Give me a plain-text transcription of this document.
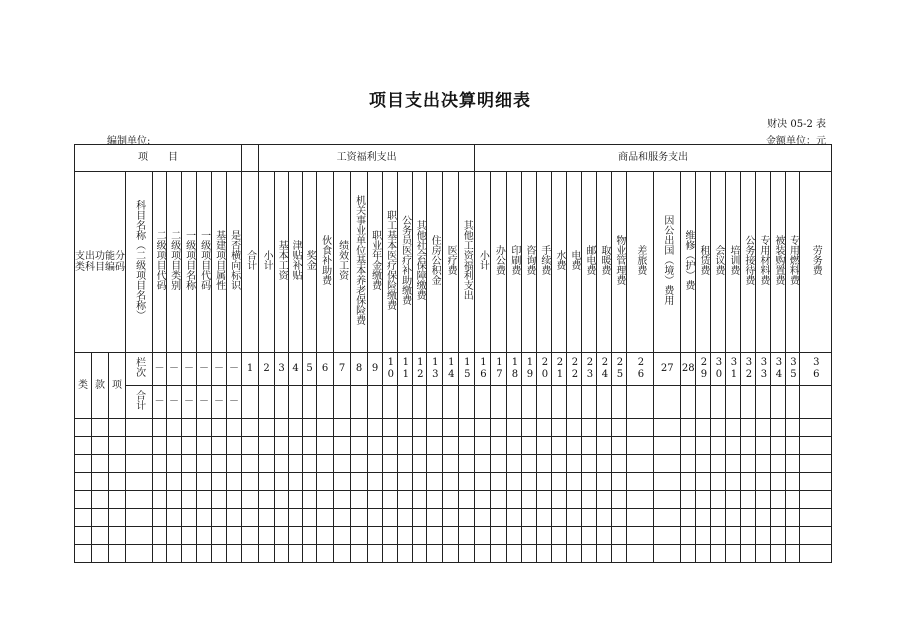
项目支出决算明细表
财决 05-2 表
编制单位:	金额单位：元
项　　目											工资福利支出														商品和服务支出																				
支出功能分类科目编码			科目名称（二级项目名称）	二级项目代码	二级项目类别	一级项目名称	一级项目代码	基建项目属性	是否横向标识	合计	小计	基本工资	津贴补贴	奖金	伙食补助费	绩效工资	机关事业单位基本养老保险费	职业年金缴费	职工基本医疗保险缴费	公务员医疗补助缴费	其他社会保障缴费	住房公积金	医疗费	其他工资福利支出	小计	办公费	印刷费	咨询费	手续费	水费	电费	邮电费	取暖费	物业管理费	差旅费	因公出国（境）费用	维修（护）费	租赁费	会议费	培训费	公务接待费	专用材料费	被装购置费	专用燃料费	劳务费
类	款	项	栏次	－	－	－	－	－	－	1	2	3	4	5	6	7	8	9	10	11	12	13	14	15	16	17	18	19	20	21	22	23	24	25	26	27	28	29	30	31	32	33	34	35	36
			合计	－	－	－	－	－	－																																				
